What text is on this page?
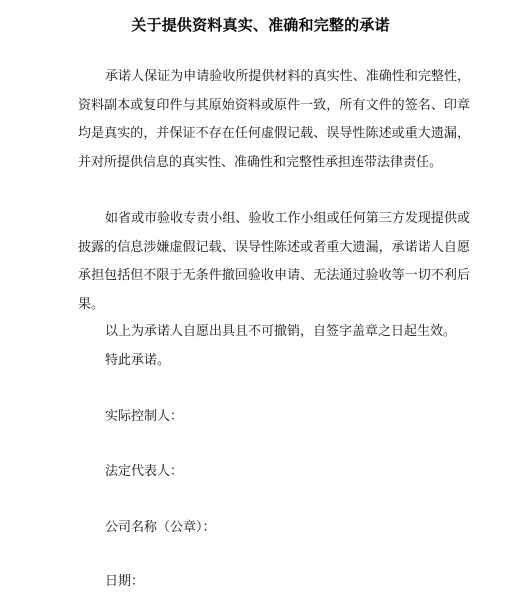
关于提供资料真实、准确和完整的承诺
承诺人保证为申请验收所提供材料的真实性、准确性和完整性，资料副本或复印件与其原始资料或原件一致，所有文件的签名、印章均是真实的，并保证不存在任何虚假记载、误导性陈述或重大遗漏，并对所提供信息的真实性、准确性和完整性承担连带法律责任。
如省或市验收专责小组、验收工作小组或任何第三方发现提供或披露的信息涉嫌虚假记载、误导性陈述或者重大遗漏，承诺诺人自愿承担包括但不限于无条件撤回验收申请、无法通过验收等一切不利后果。
以上为承诺人自愿出具且不可撤销，自签字盖章之日起生效。
特此承诺。
实际控制人：
法定代表人：
公司名称（公章）：
日期：
